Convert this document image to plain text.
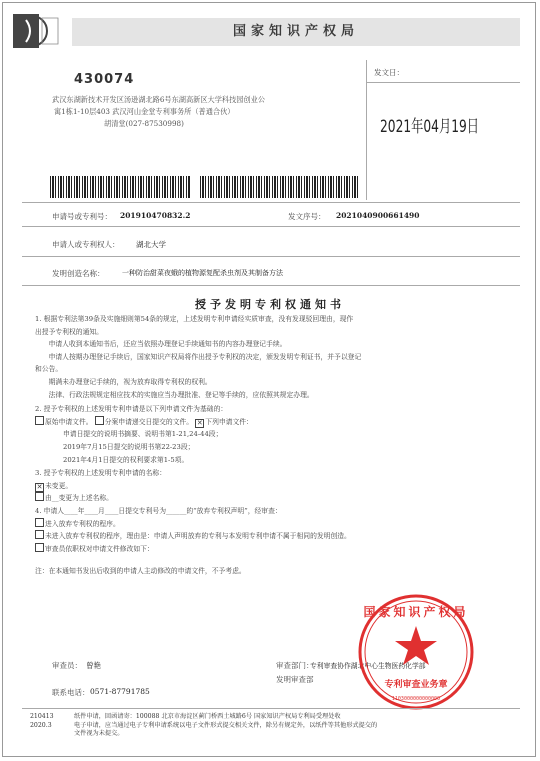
国家知识产权局
430074
武汉东湖新技术开发区汤逊湖北路6号东湖高新区大学科技园创业公
寓1栋1-10层403 武汉河山金堂专利事务所（普通合伙）
胡清堂(027-87530998)
发文日：
2021年04月19日
申请号或专利号： 201910470832.2	发文序号： 2021040900661490
申请人或专利权人： 湖北大学
发明创造名称：	一种防治甜菜夜蛾的植物源复配杀虫剂及其制备方法
授予发明专利权通知书
1. 根据专利法第39条及实施细则第54条的规定，上述发明专利申请经实质审查，没有发现驳回理由，现作
出授予专利权的通知。
　　申请人收到本通知书后，还应当依照办理登记手续通知书的内容办理登记手续。
　　申请人按期办理登记手续后，国家知识产权局将作出授予专利权的决定，颁发发明专利证书，并予以登记
和公告。
　　期满未办理登记手续的，视为放弃取得专利权的权利。
　　法律、行政法规规定相应技术的实施应当办理批准、登记等手续的，应依照其规定办理。
2. 授予专利权的上述发明专利申请是以下列申请文件为基础的：
原始申请文件。 分案申请递交日提交的文件。 ✕ 下列申请文件：
申请日提交的说明书摘要、说明书第1-21,24-44段；
2019年7月15日提交的说明书第22-23段；
2021年4月1日提交的权利要求第1-5项。
3. 授予专利权的上述发明专利申请的名称：
✕ 未变更。
由__变更为上述名称。
4. 申请人____年____月____日提交专利号为______的“放弃专利权声明”，经审查：
进入放弃专利权的程序。
未进入放弃专利权的程序，理由是：申请人声明放弃的专利与本发明专利申请不属于相同的发明创造。
审查员依职权对申请文件修改如下：
注：在本通知书发出后收到的申请人主动修改的申请文件，不予考虑。
审查员： 曾艳
联系电话： 0571-87791785
审查部门：
专利审查协作湖北中心生物医药化学部
发明审查部
专利审查业务章
国家知识产权局
1103000000000000
210413
2020.3
纸件申请，回函请寄：100088 北京市海淀区蓟门桥西土城路6号 国家知识产权局专利局受理处收
电子申请，应当通过电子专利申请系统以电子文件形式提交相关文件，除另有规定外，以纸件等其他形式提交的
文件视为未提交。
